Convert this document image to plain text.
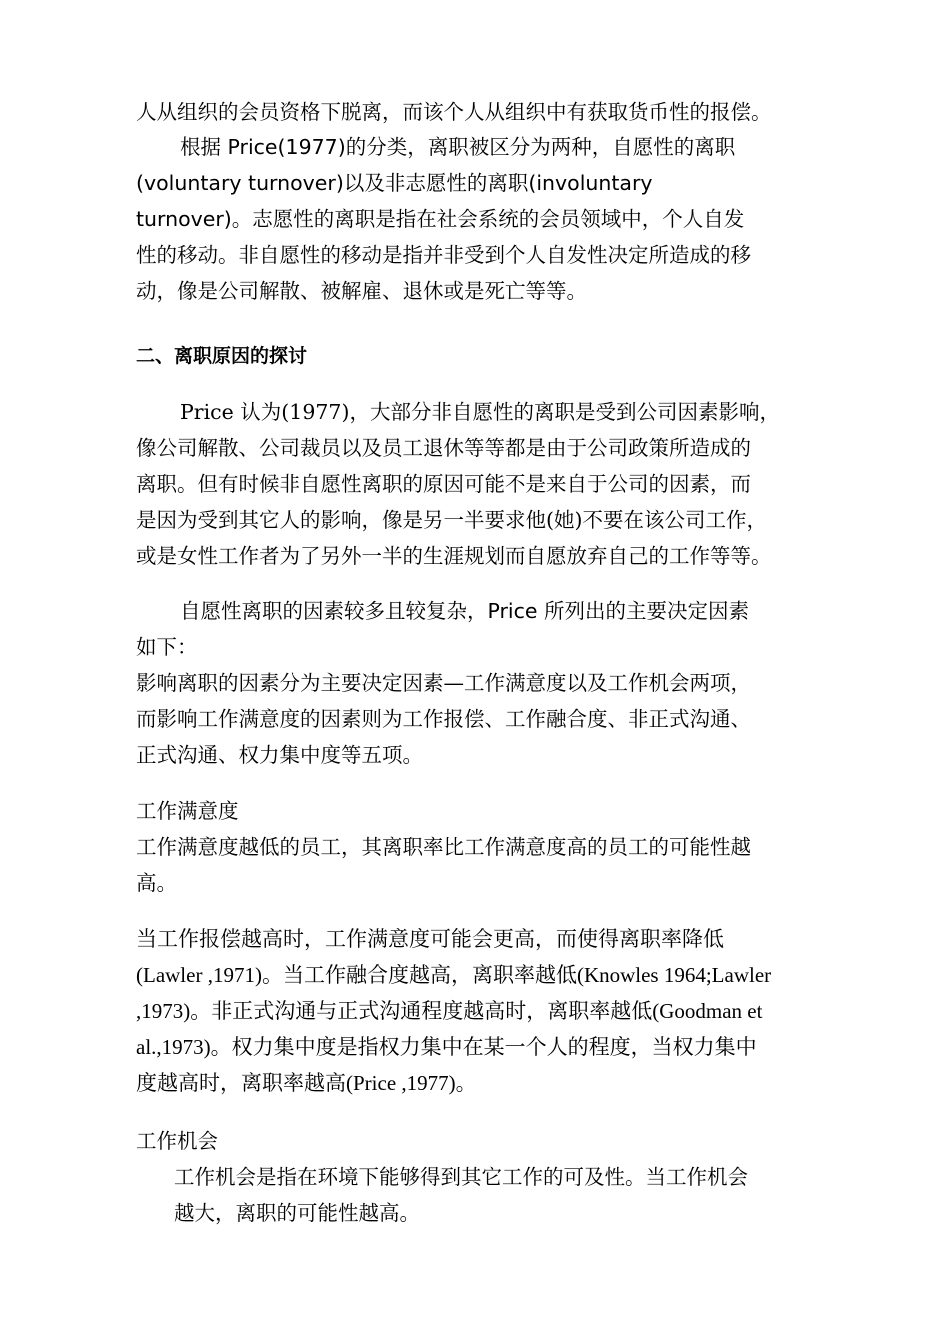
人从组织的会员资格下脱离，而该个人从组织中有获取货币性的报偿。

根据 Price(1977)的分类，离职被区分为两种，自愿性的离职
(voluntary turnover)以及非志愿性的离职(involuntary
turnover)。志愿性的离职是指在社会系统的会员领域中，个人自发
性的移动。非自愿性的移动是指并非受到个人自发性决定所造成的移
动，像是公司解散、被解雇、退休或是死亡等等。

二、离职原因的探讨

Price 认为(1977)，大部分非自愿性的离职是受到公司因素影响，
像公司解散、公司裁员以及员工退休等等都是由于公司政策所造成的
离职。但有时候非自愿性离职的原因可能不是来自于公司的因素，而
是因为受到其它人的影响，像是另一半要求他(她)不要在该公司工作，
或是女性工作者为了另外一半的生涯规划而自愿放弃自己的工作等等。

自愿性离职的因素较多且较复杂，Price 所列出的主要决定因素
如下：
影响离职的因素分为主要决定因素—工作满意度以及工作机会两项，
而影响工作满意度的因素则为工作报偿、工作融合度、非正式沟通、
正式沟通、权力集中度等五项。

工作满意度
工作满意度越低的员工，其离职率比工作满意度高的员工的可能性越
高。

当工作报偿越高时，工作满意度可能会更高，而使得离职率降低
(Lawler ,1971)。当工作融合度越高，离职率越低(Knowles 1964;Lawler
,1973)。非正式沟通与正式沟通程度越高时，离职率越低(Goodman et
al.,1973)。权力集中度是指权力集中在某一个人的程度，当权力集中
度越高时，离职率越高(Price ,1977)。

工作机会
工作机会是指在环境下能够得到其它工作的可及性。当工作机会
越大，离职的可能性越高。
